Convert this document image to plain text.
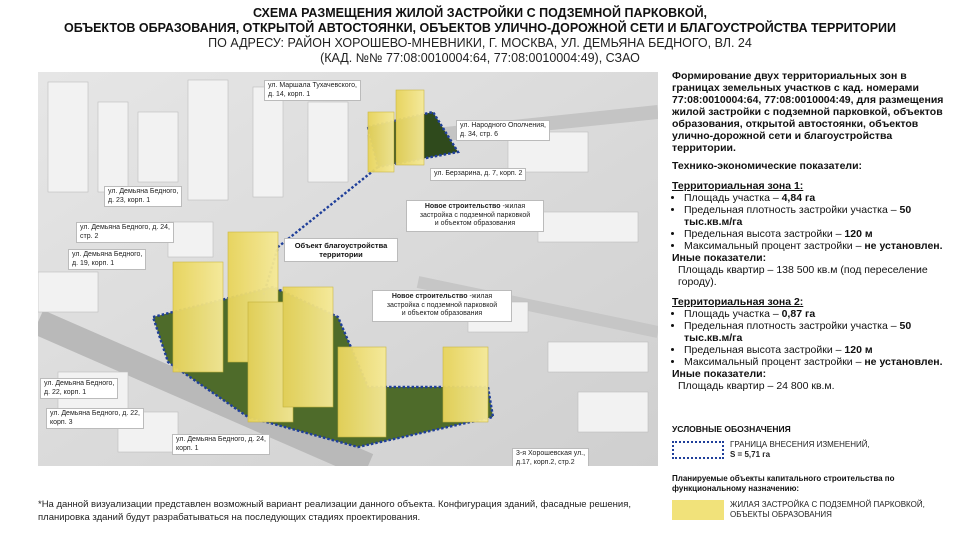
СХЕМА РАЗМЕЩЕНИЯ ЖИЛОЙ ЗАСТРОЙКИ С ПОДЗЕМНОЙ ПАРКОВКОЙ,
ОБЪЕКТОВ ОБРАЗОВАНИЯ, ОТКРЫТОЙ АВТОСТОЯНКИ, ОБЪЕКТОВ УЛИЧНО-ДОРОЖНОЙ СЕТИ И БЛАГОУСТРОЙСТВА ТЕРРИТОРИИ
ПО АДРЕСУ: РАЙОН ХОРОШЕВО-МНЕВНИКИ, Г. МОСКВА, УЛ. ДЕМЬЯНА БЕДНОГО, ВЛ. 24
(КАД. №№ 77:08:0010004:64, 77:08:0010004:49), СЗАО
ул. Маршала Тухачевского,
д. 14, корп. 1
ул. Народного Ополчения,
д. 34, стр. 6
ул. Берзарина, д. 7, корп. 2
ул. Демьяна Бедного,
д. 23, корп. 1
ул. Демьяна Бедного, д. 24,
стр. 2
ул. Демьяна Бедного,
д. 19, корп. 1
Новое строительство -жилая
застройка с подземной парковкой
и объектом образования
Объект благоустройства
территории
Новое строительство -жилая
застройка с подземной парковкой
и объектом образования
ул. Демьяна Бедного,
д. 22, корп. 1
ул. Демьяна Бедного, д. 22,
корп. 3
ул. Демьяна Бедного, д. 24,
корп. 1
3-я Хорошевская ул.,
д.17, корп.2, стр.2
Формирование двух территориальных зон в границах земельных участков с кад. номерами 77:08:0010004:64, 77:08:0010004:49, для размещения жилой застройки с подземной парковкой, объектов образования, открытой автостоянки, объектов улично-дорожной сети и благоустройства территории.
Технико-экономические показатели:
Территориальная зона 1:
• Площадь участка – 4,84 га
• Предельная плотность застройки участка – 50 тыс.кв.м/га
• Предельная высота застройки – 120 м
• Максимальный процент застройки – не установлен.
Иные показатели:
Площадь квартир – 138 500 кв.м (под переселение городу).
Территориальная зона 2:
• Площадь участка – 0,87 га
• Предельная плотность застройки участка – 50 тыс.кв.м/га
• Предельная высота застройки – 120 м
• Максимальный процент застройки – не установлен.
Иные показатели:
Площадь квартир – 24 800 кв.м.
УСЛОВНЫЕ ОБОЗНАЧЕНИЯ
ГРАНИЦА ВНЕСЕНИЯ ИЗМЕНЕНИЙ,
S = 5,71 га
Планируемые объекты капитального строительства по функциональному назначению:
ЖИЛАЯ ЗАСТРОЙКА С ПОДЗЕМНОЙ ПАРКОВКОЙ, ОБЪЕКТЫ ОБРАЗОВАНИЯ
*На данной визуализации представлен возможный вариант реализации данного объекта. Конфигурация зданий, фасадные решения, планировка зданий будут разрабатываться на последующих стадиях проектирования.
